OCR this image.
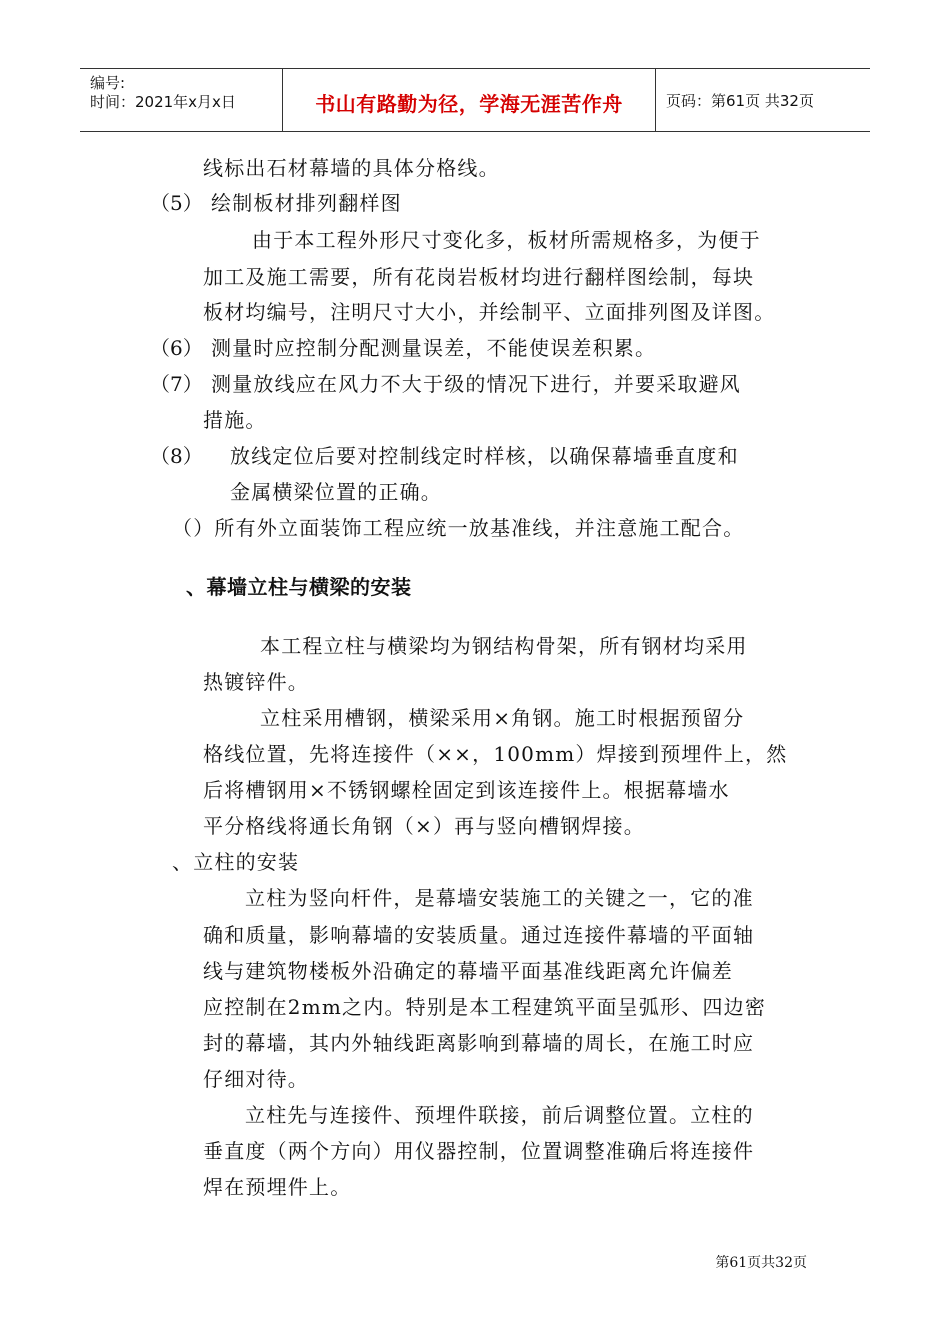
编号:
时间：2021年x月x日	书山有路勤为径，学海无涯苦作舟	页码：第61页 共32页
线标出石材幕墙的具体分格线。
（5） 绘制板材排列翻样图
由于本工程外形尺寸变化多，板材所需规格多，为便于
加工及施工需要，所有花岗岩板材均进行翻样图绘制，每块
板材均编号，注明尺寸大小，并绘制平、立面排列图及详图。
（6） 测量时应控制分配测量误差，不能使误差积累。
（7） 测量放线应在风力不大于级的情况下进行，并要采取避风
措施。
（8） 放线定位后要对控制线定时样核，以确保幕墙垂直度和
金属横梁位置的正确。
（）所有外立面装饰工程应统一放基准线，并注意施工配合。
、幕墙立柱与横梁的安装
本工程立柱与横梁均为钢结构骨架，所有钢材均采用
热镀锌件。
立柱采用槽钢，横梁采用×角钢。施工时根据预留分
格线位置，先将连接件（××，100mm）焊接到预埋件上，然
后将槽钢用×不锈钢螺栓固定到该连接件上。根据幕墙水
平分格线将通长角钢（×）再与竖向槽钢焊接。
、立柱的安装
立柱为竖向杆件，是幕墙安装施工的关键之一，它的准
确和质量，影响幕墙的安装质量。通过连接件幕墙的平面轴
线与建筑物楼板外沿确定的幕墙平面基准线距离允许偏差
应控制在2mm之内。特别是本工程建筑平面呈弧形、四边密
封的幕墙，其内外轴线距离影响到幕墙的周长，在施工时应
仔细对待。
立柱先与连接件、预埋件联接，前后调整位置。立柱的
垂直度（两个方向）用仪器控制，位置调整准确后将连接件
焊在预埋件上。
第61页共32页
